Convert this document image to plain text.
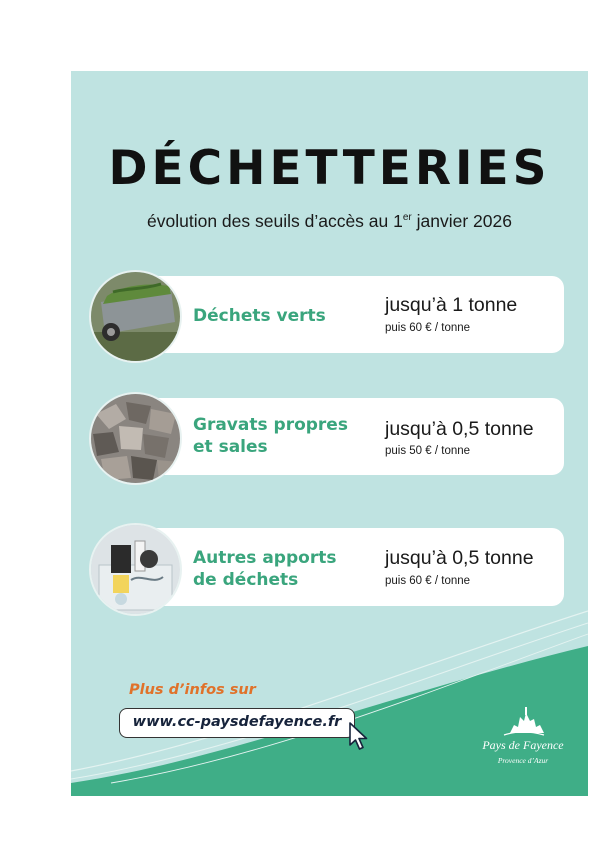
DÉCHETTERIES
évolution des seuils d’accès au 1er janvier 2026
Déchets verts	jusqu’à 1 tonne
puis 60 € / tonne
Gravats propres
et sales
jusqu’à 0,5 tonne
puis 50 € / tonne
Autres apports
de déchets
jusqu’à 0,5 tonne
puis 60 € / tonne
Plus d’infos sur
www.cc-paysdefayence.fr
Pays de Fayence
Provence d’Azur
